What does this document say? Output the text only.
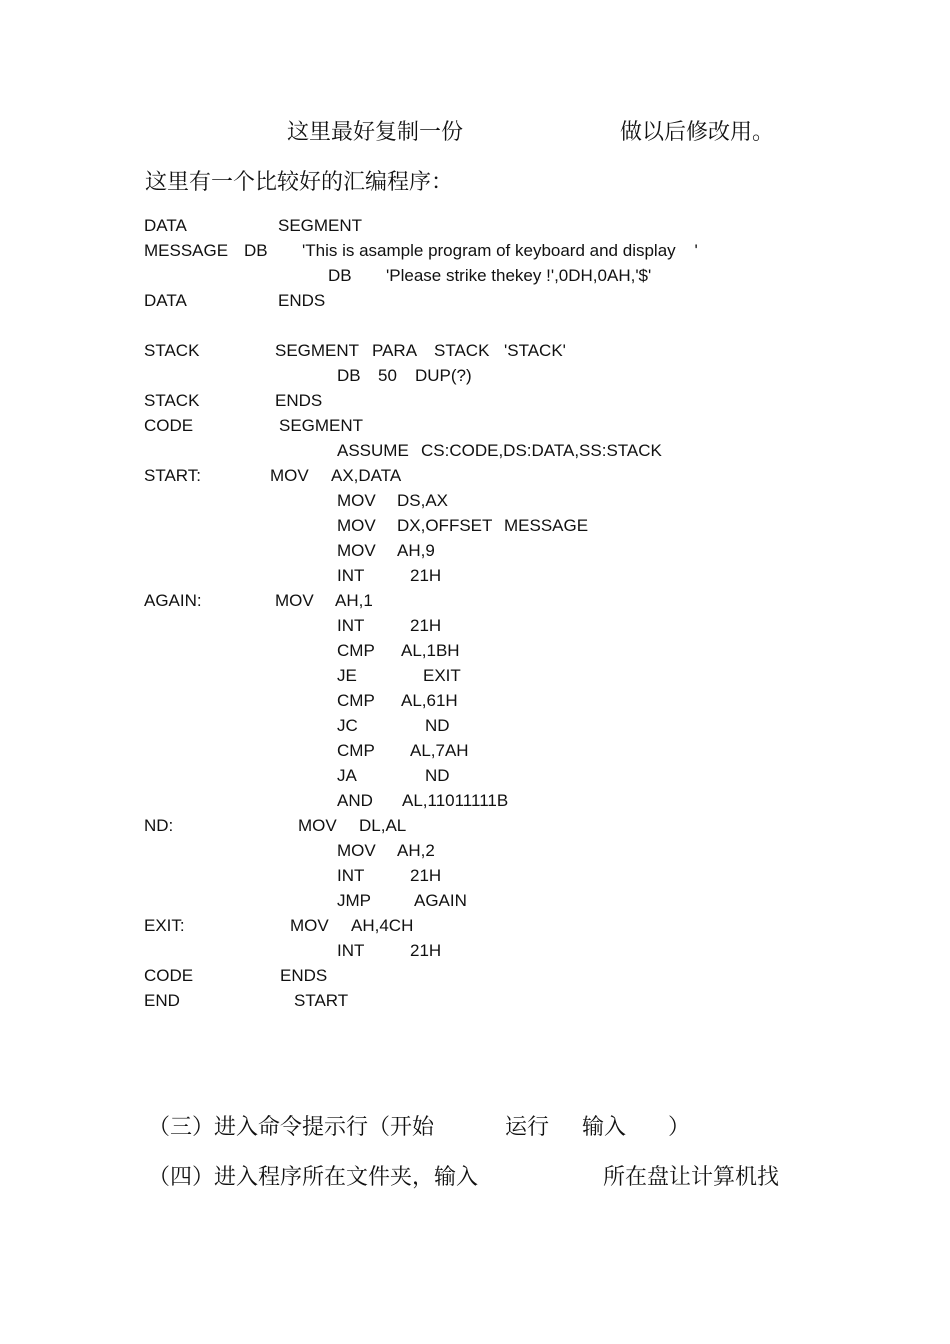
这里最好复制一份	做以后修改用。
这里有一个比较好的汇编程序：
DATA	SEGMENT
MESSAGE DB 'This is asample program of keyboard and display    '
DB 'Please strike thekey !',0DH,0AH,'$'
DATA	ENDS
STACK	SEGMENT PARA STACK 'STACK'
DB 50 DUP(?)
STACK	ENDS
CODE	SEGMENT
ASSUME CS:CODE,DS:DATA,SS:STACK
START:	MOV AX,DATA
MOV DS,AX
MOV DX,OFFSET MESSAGE
MOV AH,9
INT	21H
AGAIN:	MOV AH,1
INT	21H
CMP AL,1BH
JE	EXIT
CMP AL,61H
JC	ND
CMP AL,7AH
JA	ND
AND AL,11011111B
ND:	MOV DL,AL
MOV AH,2
INT	21H
JMP	AGAIN
EXIT:	MOV AH,4CH
INT	21H
CODE	ENDS
END	START
（三）进入命令提示行（开始	运行 输入 ）
（四）进入程序所在文件夹，输入	所在盘让计算机找
